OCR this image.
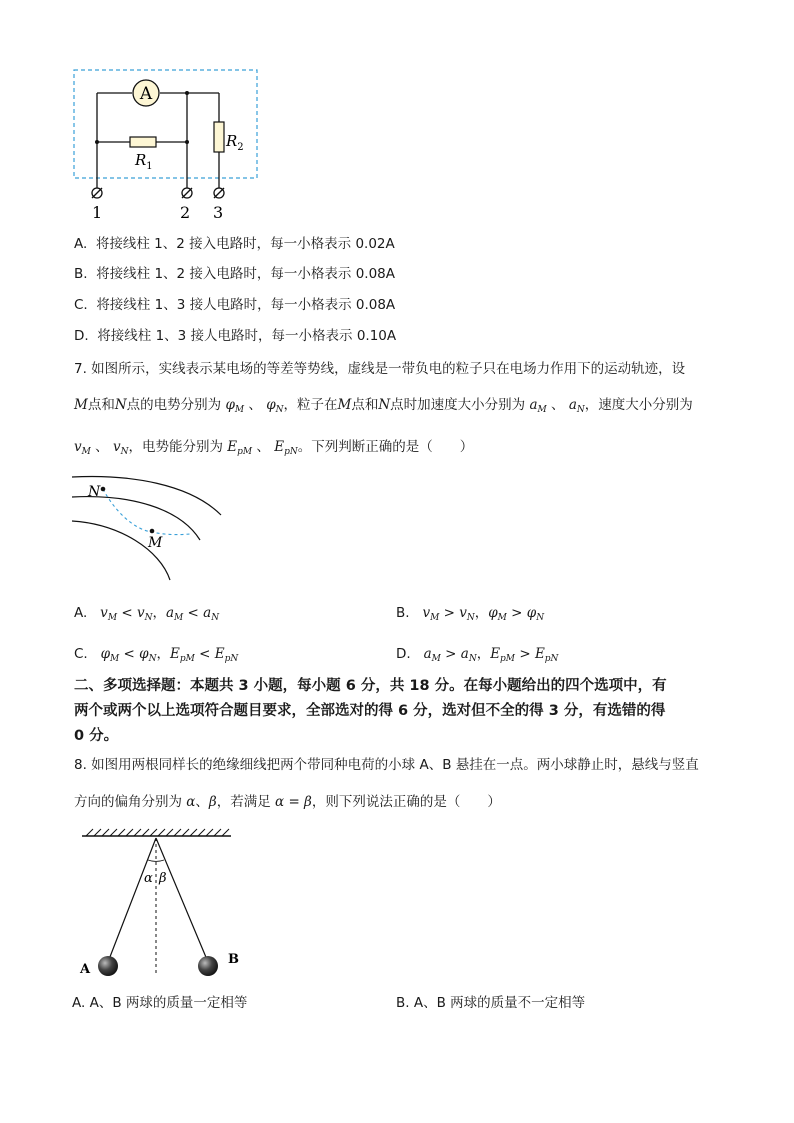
A
$R_1$
$R_2$
1	2 3
A. 将接线柱 1、2 接入电路时，每一小格表示 0.02A
B. 将接线柱 1、2 接入电路时，每一小格表示 0.08A
C. 将接线柱 1、3 接人电路时，每一小格表示 0.08A
D. 将接线柱 1、3 接人电路时，每一小格表示 0.10A
7. 如图所示，实线表示某电场的等差等势线，虚线是一带负电的粒子只在电场力作用下的运动轨迹，设
M点和N点的电势分别为 $\varphi_M$ 、 $\varphi_N$，粒子在M点和N点时加速度大小分别为 $a_M$ 、 $a_N$，速度大小分别为
$v_M$ 、 $v_N$，电势能分别为 $E_{pM}$ 、 $E_{pN}$。下列判断正确的是（　　）
N
M
A. $v_M < v_N$，$a_M < a_N$	B. $v_M > v_N$，$\varphi_M > \varphi_N$
C. $\varphi_M < \varphi_N$，$E_{pM} < E_{pN}$	D. $a_M > a_N$，$E_{pM} > E_{pN}$
二、多项选择题：本题共 3 小题，每小题 6 分，共 18 分。在每小题给出的四个选项中，有
两个或两个以上选项符合题目要求，全部选对的得 6 分，选对但不全的得 3 分，有选错的得
0 分。
8. 如图用两根同样长的绝缘细线把两个带同种电荷的小球 A、B 悬挂在一点。两小球静止时，悬线与竖直
方向的偏角分别为 α、β，若满足 α = β，则下列说法正确的是（　　）
α β
A
B
A. A、B 两球的质量一定相等	B. A、B 两球的质量不一定相等
